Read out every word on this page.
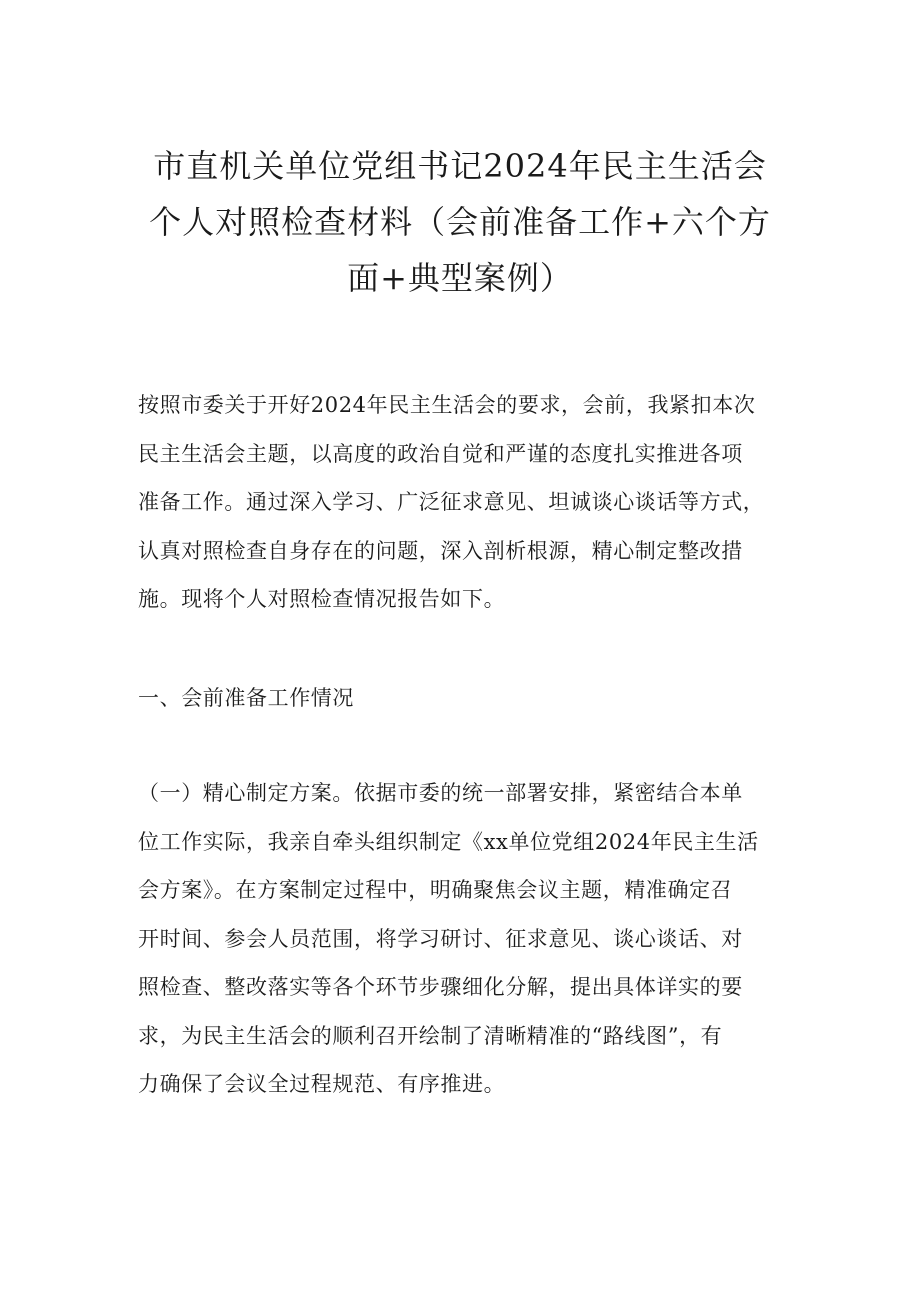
市直机关单位党组书记2024年民主生活会
个人对照检查材料（会前准备工作+六个方
面+典型案例）

按照市委关于开好2024年民主生活会的要求，会前，我紧扣本次
民主生活会主题，以高度的政治自觉和严谨的态度扎实推进各项
准备工作。通过深入学习、广泛征求意见、坦诚谈心谈话等方式，
认真对照检查自身存在的问题，深入剖析根源，精心制定整改措
施。现将个人对照检查情况报告如下。

一、会前准备工作情况

（一）精心制定方案。依据市委的统一部署安排，紧密结合本单
位工作实际，我亲自牵头组织制定《xx单位党组2024年民主生活
会方案》。在方案制定过程中，明确聚焦会议主题，精准确定召
开时间、参会人员范围，将学习研讨、征求意见、谈心谈话、对
照检查、整改落实等各个环节步骤细化分解，提出具体详实的要
求，为民主生活会的顺利召开绘制了清晰精准的“路线图”，有
力确保了会议全过程规范、有序推进。
